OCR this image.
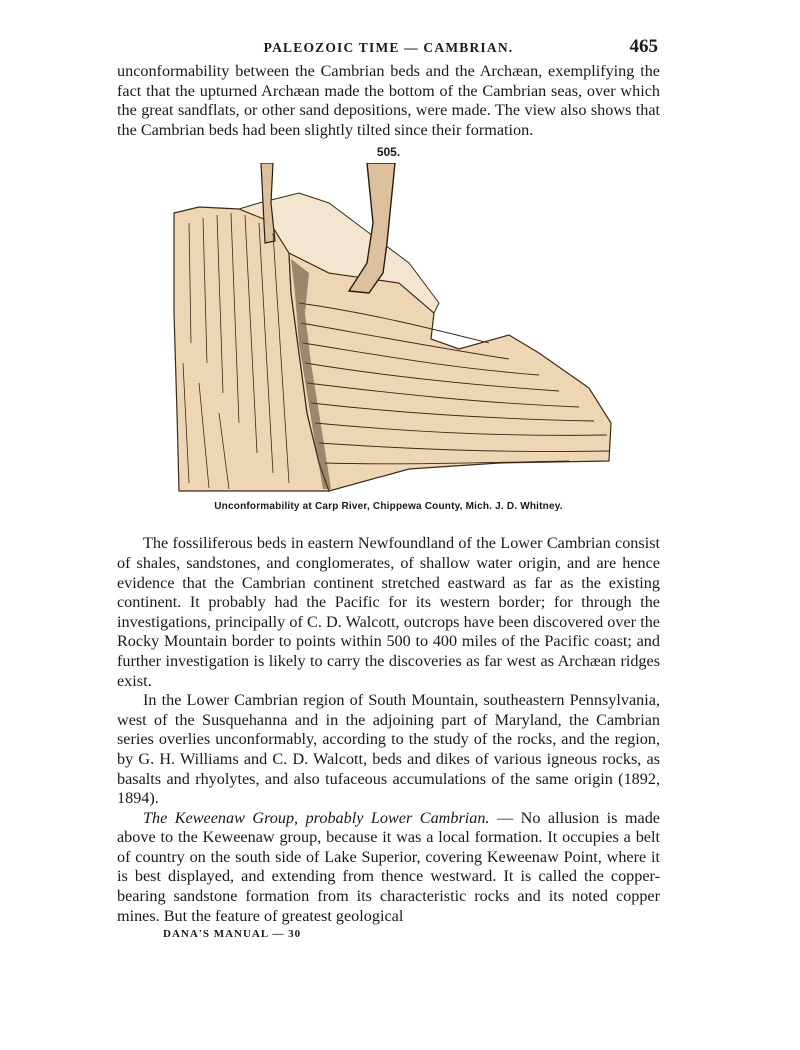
PALEOZOIC TIME — CAMBRIAN.	465

unconformability between the Cambrian beds and the Archæan, exemplifying the fact that the upturned Archæan made the bottom of the Cambrian seas, over which the great sandflats, or other sand depositions, were made. The view also shows that the Cambrian beds had been slightly tilted since their formation.

505.
Unconformability at Carp River, Chippewa County, Mich. J. D. Whitney.

The fossiliferous beds in eastern Newfoundland of the Lower Cambrian consist of shales, sandstones, and conglomerates, of shallow water origin, and are hence evidence that the Cambrian continent stretched eastward as far as the existing continent. It probably had the Pacific for its western border; for through the investigations, principally of C. D. Walcott, outcrops have been discovered over the Rocky Mountain border to points within 500 to 400 miles of the Pacific coast; and further investigation is likely to carry the discoveries as far west as Archæan ridges exist.

In the Lower Cambrian region of South Mountain, southeastern Pennsylvania, west of the Susquehanna and in the adjoining part of Maryland, the Cambrian series overlies unconformably, according to the study of the rocks, and the region, by G. H. Williams and C. D. Walcott, beds and dikes of various igneous rocks, as basalts and rhyolytes, and also tufaceous accumulations of the same origin (1892, 1894).

The Keweenaw Group, probably Lower Cambrian. — No allusion is made above to the Keweenaw group, because it was a local formation. It occupies a belt of country on the south side of Lake Superior, covering Keweenaw Point, where it is best displayed, and extending from thence westward. It is called the copper-bearing sandstone formation from its characteristic rocks and its noted copper mines. But the feature of greatest geological

DANA'S MANUAL — 30
